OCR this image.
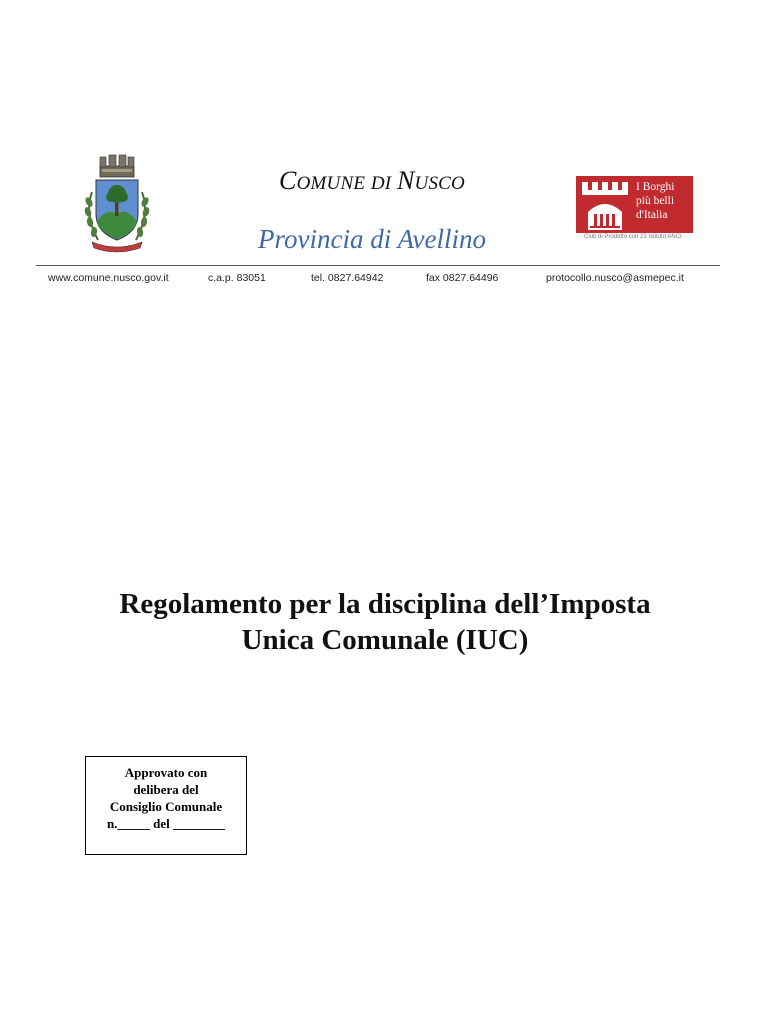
COMUNE DI NUSCO
Provincia di Avellino
I Borghi
più belli
d'Italia
Club di Prodotto con 23 Istituto ANCI
www.comune.nusco.gov.it	c.a.p. 83051	tel. 0827.64942	fax 0827.64496	protocollo.nusco@asmepec.it
Regolamento per la disciplina dell’Imposta
Unica Comunale (IUC)
Approvato con
delibera del
Consiglio Comunale
n._____ del ________
